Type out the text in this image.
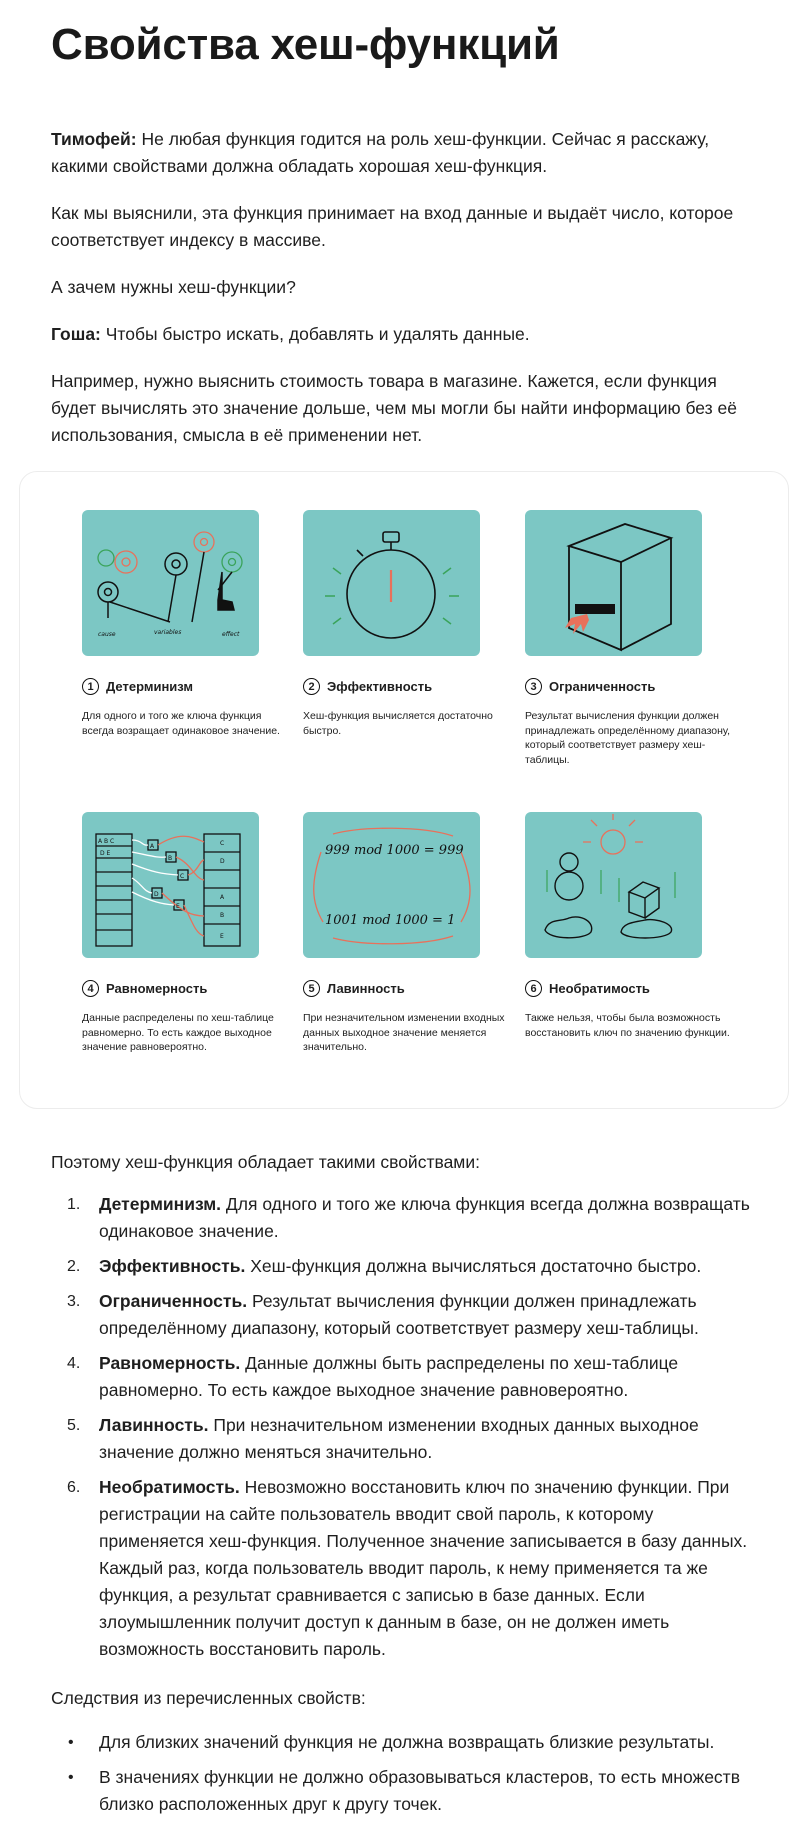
Свойства хеш-функций

Тимофей: Не любая функция годится на роль хеш-функции. Сейчас я расскажу, какими свойствами должна обладать хорошая хеш-функция.

Как мы выяснили, эта функция принимает на вход данные и выдаёт число, которое соответствует индексу в массиве.

А зачем нужны хеш-функции?

Гоша: Чтобы быстро искать, добавлять и удалять данные.

Например, нужно выяснить стоимость товара в магазине. Кажется, если функция будет вычислять это значение дольше, чем мы могли бы найти информацию без её использования, смысла в её применении нет.

cause	variables	effect
1 Детерминизм
Для одного и того же ключа функция всегда возращает одинаковое значение.
2 Эффективность
Хеш-функция вычисляется достаточно быстро.
3 Ограниченность
Результат вычисления функции должен принадлежать определённому диапазону, который соответствует размеру хеш-таблицы.
A B C
D E
A
B
C
D
E
C
D
A
B
E
4 Равномерность
Данные распределены по хеш-таблице равномерно. То есть каждое выходное значение равновероятно.
999 mod 1000 = 999
1001 mod 1000 = 1
5 Лавинность
При незначительном изменении входных данных выходное значение меняется значительно.
6 Необратимость
Также нельзя, чтобы была возможность восстановить ключ по значению функции.

Поэтому хеш-функция обладает такими свойствами:

1. Детерминизм. Для одного и того же ключа функция всегда должна возвращать одинаковое значение.
2. Эффективность. Хеш-функция должна вычисляться достаточно быстро.
3. Ограниченность. Результат вычисления функции должен принадлежать определённому диапазону, который соответствует размеру хеш-таблицы.
4. Равномерность. Данные должны быть распределены по хеш-таблице равномерно. То есть каждое выходное значение равновероятно.
5. Лавинность. При незначительном изменении входных данных выходное значение должно меняться значительно.
6. Необратимость. Невозможно восстановить ключ по значению функции. При регистрации на сайте пользователь вводит свой пароль, к которому применяется хеш-функция. Полученное значение записывается в базу данных. Каждый раз, когда пользователь вводит пароль, к нему применяется та же функция, а результат сравнивается с записью в базе данных. Если злоумышленник получит доступ к данным в базе, он не должен иметь возможность восстановить пароль.

Следствия из перечисленных свойств:

• Для близких значений функция не должна возвращать близкие результаты.
• В значениях функции не должно образовываться кластеров, то есть множеств близко расположенных друг к другу точек.
